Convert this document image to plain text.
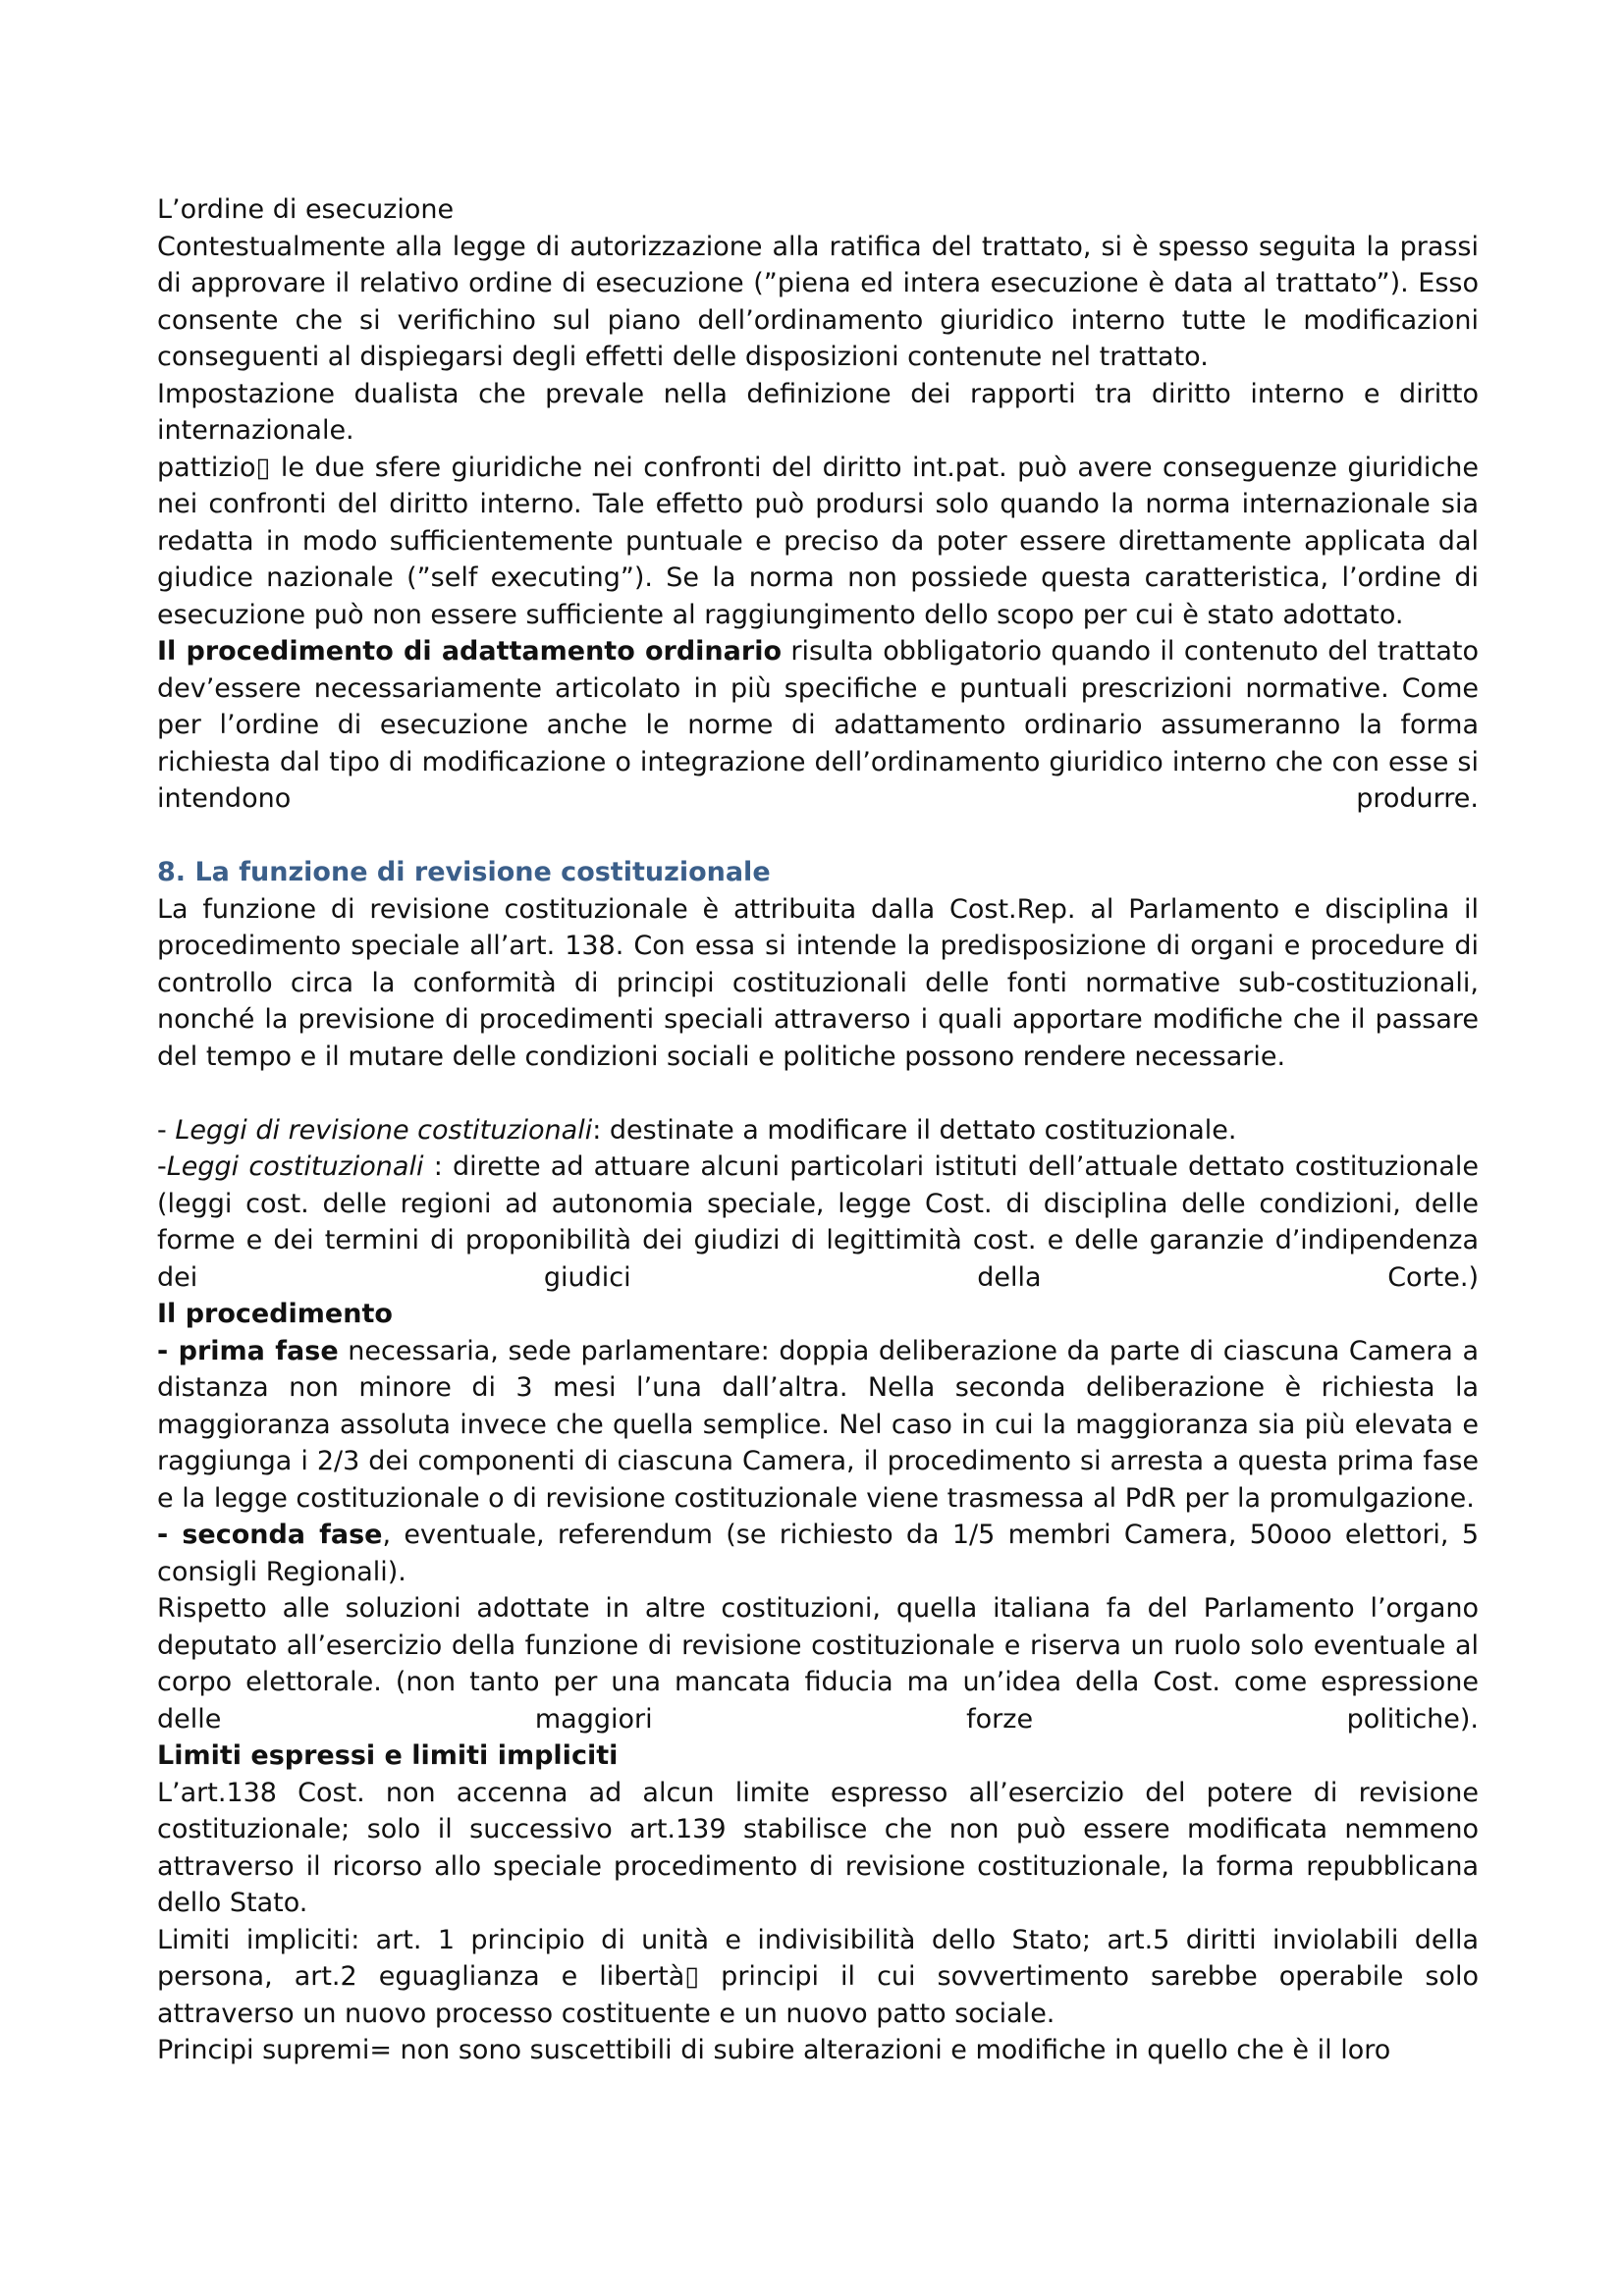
L’ordine di esecuzione

Contestualmente alla legge di autorizzazione alla ratifica del trattato, si è spesso seguita la prassi di approvare il relativo ordine di esecuzione (”piena ed intera esecuzione è data al trattato”). Esso consente che si verifichino sul piano dell’ordinamento giuridico interno tutte le modificazioni conseguenti al dispiegarsi degli effetti delle disposizioni contenute nel trattato.

Impostazione dualista che prevale nella definizione dei rapporti tra diritto interno e diritto internazionale.

pattizio▯ le due sfere giuridiche nei confronti del diritto int.pat. può avere conseguenze giuridiche nei confronti del diritto interno. Tale effetto può prodursi solo quando la norma internazionale sia redatta in modo sufficientemente puntuale e preciso da poter essere direttamente applicata dal giudice nazionale (”self executing”). Se la norma non possiede questa caratteristica, l’ordine di esecuzione può non essere sufficiente al raggiungimento dello scopo per cui è stato adottato.

Il procedimento di adattamento ordinario risulta obbligatorio quando il contenuto del trattato dev’essere necessariamente articolato in più specifiche e puntuali prescrizioni normative. Come per l’ordine di esecuzione anche le norme di adattamento ordinario assumeranno la forma richiesta dal tipo di modificazione o integrazione dell’ordinamento giuridico interno che con esse si intendono produrre.

8. La funzione di revisione costituzionale

La funzione di revisione costituzionale è attribuita dalla Cost.Rep. al Parlamento e disciplina il procedimento speciale all’art. 138. Con essa si intende la predisposizione di organi e procedure di controllo circa la conformità di principi costituzionali delle fonti normative sub-costituzionali, nonché la previsione di procedimenti speciali attraverso i quali apportare modifiche che il passare del tempo e il mutare delle condizioni sociali e politiche possono rendere necessarie.

- Leggi di revisione costituzionali: destinate a modificare il dettato costituzionale.

-Leggi costituzionali : dirette ad attuare alcuni particolari istituti dell’attuale dettato costituzionale (leggi cost. delle regioni ad autonomia speciale, legge Cost. di disciplina delle condizioni, delle forme e dei termini di proponibilità dei giudizi di legittimità cost. e delle garanzie d’indipendenza dei giudici della Corte.)

Il procedimento

- prima fase necessaria, sede parlamentare: doppia deliberazione da parte di ciascuna Camera a distanza non minore di 3 mesi l’una dall’altra. Nella seconda deliberazione è richiesta la maggioranza assoluta invece che quella semplice. Nel caso in cui la maggioranza sia più elevata e raggiunga i 2/3 dei componenti di ciascuna Camera, il procedimento si arresta a questa prima fase e la legge costituzionale o di revisione costituzionale viene trasmessa al PdR per la promulgazione.

- seconda fase, eventuale, referendum (se richiesto da 1/5 membri Camera, 50ooo elettori, 5 consigli Regionali).

Rispetto alle soluzioni adottate in altre costituzioni, quella italiana fa del Parlamento l’organo deputato all’esercizio della funzione di revisione costituzionale e riserva un ruolo solo eventuale al corpo elettorale. (non tanto per una mancata fiducia ma un’idea della Cost. come espressione delle maggiori forze politiche).

Limiti espressi e limiti impliciti

L’art.138 Cost. non accenna ad alcun limite espresso all’esercizio del potere di revisione costituzionale; solo il successivo art.139 stabilisce che non può essere modificata nemmeno attraverso il ricorso allo speciale procedimento di revisione costituzionale, la forma repubblicana dello Stato.

Limiti impliciti: art. 1 principio di unità e indivisibilità dello Stato; art.5 diritti inviolabili della persona, art.2 eguaglianza e libertà▯ principi il cui sovvertimento sarebbe operabile solo attraverso un nuovo processo costituente e un nuovo patto sociale.

Principi supremi= non sono suscettibili di subire alterazioni e modifiche in quello che è il loro
